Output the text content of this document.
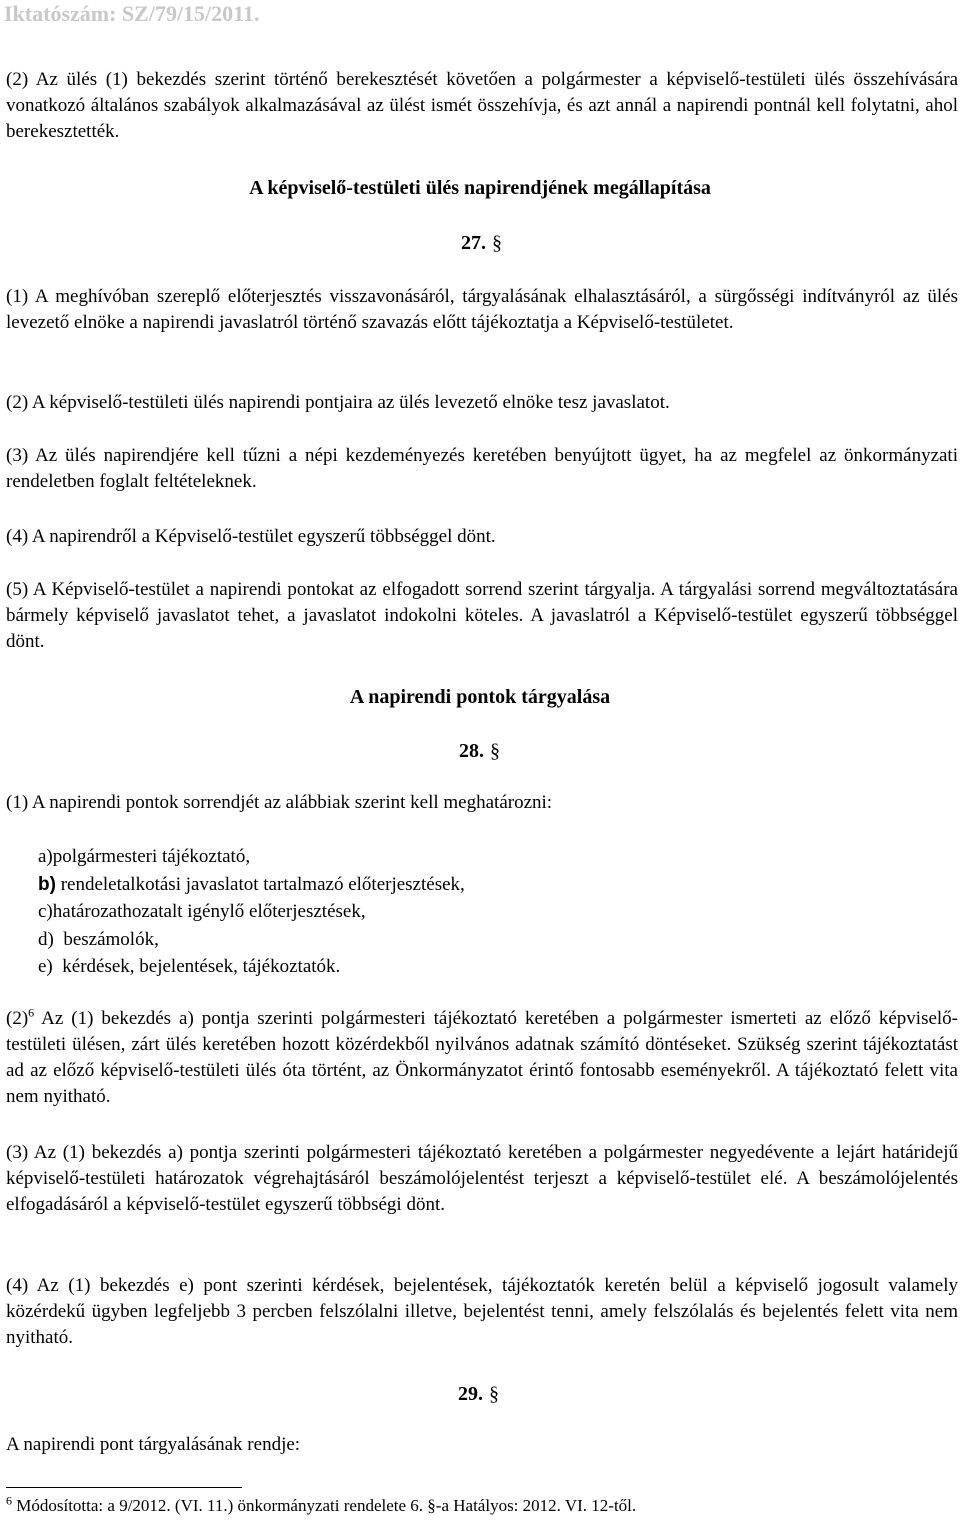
Iktatószám: SZ/79/15/2011.

(2) Az ülés (1) bekezdés szerint történő berekesztését követően a polgármester a képviselő-testületi ülés összehívására vonatkozó általános szabályok alkalmazásával az ülést ismét összehívja, és azt annál a napirendi pontnál kell folytatni, ahol berekesztették.

A képviselő-testületi ülés napirendjének megállapítása

27. §

(1) A meghívóban szereplő előterjesztés visszavonásáról, tárgyalásának elhalasztásáról, a sürgősségi indítványról az ülés levezető elnöke a napirendi javaslatról történő szavazás előtt tájékoztatja a Képviselő-testületet.

(2) A képviselő-testületi ülés napirendi pontjaira az ülés levezető elnöke tesz javaslatot.

(3) Az ülés napirendjére kell tűzni a népi kezdeményezés keretében benyújtott ügyet, ha az megfelel az önkormányzati rendeletben foglalt feltételeknek.

(4) A napirendről a Képviselő-testület egyszerű többséggel dönt.

(5) A Képviselő-testület a napirendi pontokat az elfogadott sorrend szerint tárgyalja. A tárgyalási sorrend megváltoztatására bármely képviselő javaslatot tehet, a javaslatot indokolni köteles. A javaslatról a Képviselő-testület egyszerű többséggel dönt.

A napirendi pontok tárgyalása

28. §

(1) A napirendi pontok sorrendjét az alábbiak szerint kell meghatározni:

a)polgármesteri tájékoztató,
b) rendeletalkotási javaslatot tartalmazó előterjesztések,
c)határozathozatalt igénylő előterjesztések,
d) beszámolók,
e) kérdések, bejelentések, tájékoztatók.

$(2)^6$ Az (1) bekezdés a) pontja szerinti polgármesteri tájékoztató keretében a polgármester ismerteti az előző képviselő-testületi ülésen, zárt ülés keretében hozott közérdekből nyilvános adatnak számító döntéseket. Szükség szerint tájékoztatást ad az előző képviselő-testületi ülés óta történt, az Önkormányzatot érintő fontosabb eseményekről. A tájékoztató felett vita nem nyitható.

(3) Az (1) bekezdés a) pontja szerinti polgármesteri tájékoztató keretében a polgármester negyedévente a lejárt határidejű képviselő-testületi határozatok végrehajtásáról beszámolójelentést terjeszt a képviselő-testület elé. A beszámolójelentés elfogadásáról a képviselő-testület egyszerű többségi dönt.

(4) Az (1) bekezdés e) pont szerinti kérdések, bejelentések, tájékoztatók keretén belül a képviselő jogosult valamely közérdekű ügyben legfeljebb 3 percben felszólalni illetve, bejelentést tenni, amely felszólalás és bejelentés felett vita nem nyitható.

29. §

A napirendi pont tárgyalásának rendje:

$^6$ Módosította: a 9/2012. (VI. 11.) önkormányzati rendelete 6. §-a Hatályos: 2012. VI. 12-től.
